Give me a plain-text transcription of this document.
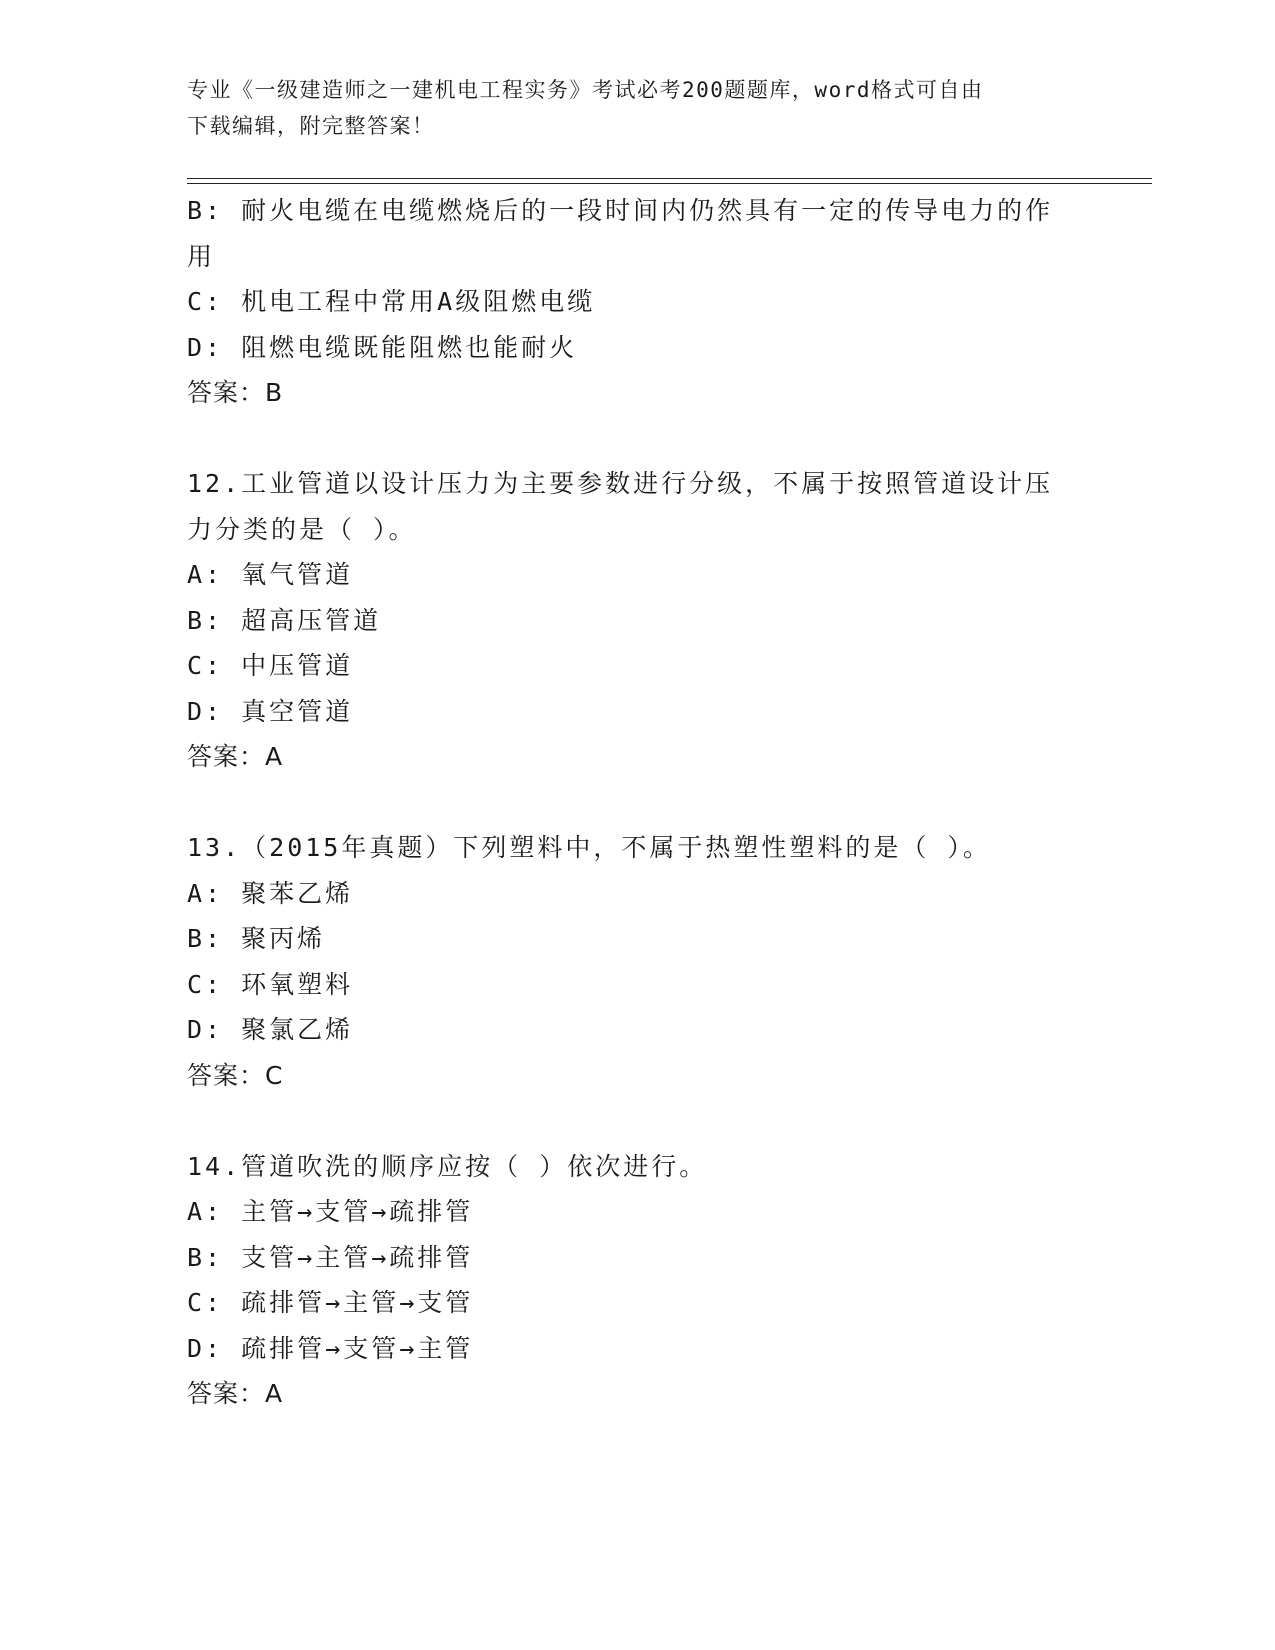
专业《一级建造师之一建机电工程实务》考试必考200题题库，word格式可自由
下载编辑，附完整答案！
B: 耐火电缆在电缆燃烧后的一段时间内仍然具有一定的传导电力的作
用
C: 机电工程中常用A级阻燃电缆
D: 阻燃电缆既能阻燃也能耐火
答案：B
12.工业管道以设计压力为主要参数进行分级，不属于按照管道设计压
力分类的是（ ）。
A: 氧气管道
B: 超高压管道
C: 中压管道
D: 真空管道
答案：A
13.（2015年真题）下列塑料中，不属于热塑性塑料的是（ ）。
A: 聚苯乙烯
B: 聚丙烯
C: 环氧塑料
D: 聚氯乙烯
答案：C
14.管道吹洗的顺序应按（ ）依次进行。
A: 主管→支管→疏排管
B: 支管→主管→疏排管
C: 疏排管→主管→支管
D: 疏排管→支管→主管
答案：A
